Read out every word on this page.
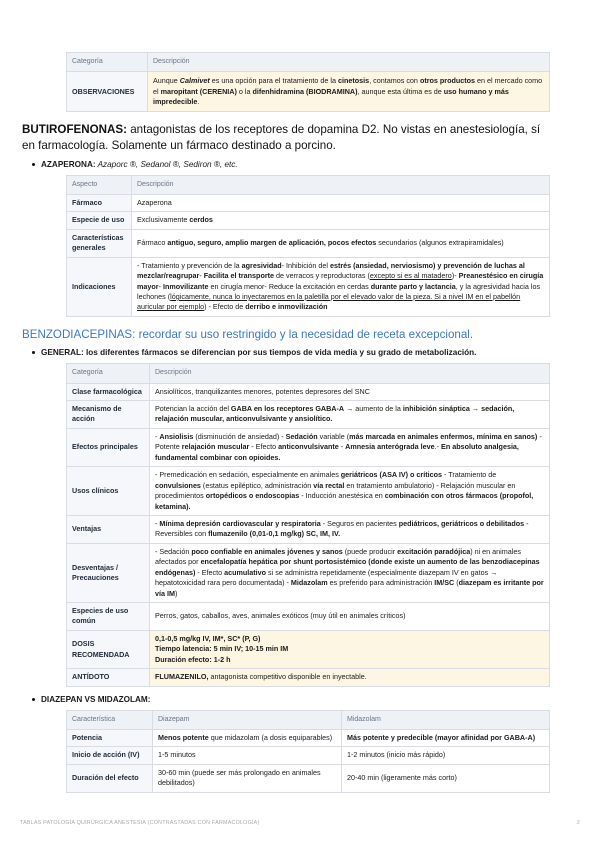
Categoría	Descripción
OBSERVACIONES	Aunque Calmivet es una opción para el tratamiento de la cinetosis, contamos con otros productos en el mercado como el maropitant (CERENIA) o la difenhidramina (BIODRAMINA), aunque esta última es de uso humano y más impredecible.
BUTIROFENONAS: antagonistas de los receptores de dopamina D2. No vistas en anestesiología, sí en farmacología. Solamente un fármaco destinado a porcino.
AZAPERONA: Azaporc ®, Sedanol ®, Sediron ®, etc.
Aspecto	Descripción
Fármaco	Azaperona
Especie de uso	Exclusivamente cerdos
Características generales	Fármaco antiguo, seguro, amplio margen de aplicación, pocos efectos secundarios (algunos extrapiramidales)
Indicaciones	- Tratamiento y prevención de la agresividad- Inhibición del estrés (ansiedad, nerviosismo) y prevención de luchas al mezclar/reagrupar- Facilita el transporte de verracos y reproductoras (excepto si es al matadero)- Preanestésico en cirugía mayor- Inmovilizante en cirugía menor- Reduce la excitación en cerdas durante parto y lactancia, y la agresividad hacia los lechones (lógicamente, nunca lo inyectaremos en la paletilla por el elevado valor de la pieza. Si a nivel IM en el pabellón auricular por ejemplo) - Efecto de derribo e inmovilización
BENZODIACEPINAS: recordar su uso restringido y la necesidad de receta excepcional.
GENERAL: los diferentes fármacos se diferencian por sus tiempos de vida media y su grado de metabolización.
Categoría	Descripción
Clase farmacológica	Ansiolíticos, tranquilizantes menores, potentes depresores del SNC
Mecanismo de acción	Potencian la acción del GABA en los receptores GABA-A → aumento de la inhibición sináptica → sedación, relajación muscular, anticonvulsivante y ansiolítico.
Efectos principales	- Ansiolisis (disminución de ansiedad) - Sedación variable (más marcada en animales enfermos, mínima en sanos) - Potente relajación muscular - Efecto anticonvulsivante - Amnesia anterógrada leve.- En absoluto analgesia, fundamental combinar con opioides.
Usos clínicos	- Premedicación en sedación, especialmente en animales geriátricos (ASA IV) o críticos - Tratamiento de convulsiones (estatus epiléptico, administración vía rectal en tratamiento ambulatorio) - Relajación muscular en procedimientos ortopédicos o endoscopias - Inducción anestésica en combinación con otros fármacos (propofol, ketamina).
Ventajas	- Mínima depresión cardiovascular y respiratoria - Seguros en pacientes pediátricos, geriátricos o debilitados - Reversibles con flumazenilo (0,01-0,1 mg/kg) SC, IM, IV.
Desventajas / Precauciones	- Sedación poco confiable en animales jóvenes y sanos (puede producir excitación paradójica) ni en animales afectados por encefalopatía hepática por shunt portosistémico (donde existe un aumento de las benzodiacepinas endógenas) - Efecto acumulativo si se administra repetidamente (especialmente diazepam IV en gatos → hepatotoxicidad rara pero documentada) - Midazolam es preferido para administración IM/SC (diazepam es irritante por vía IM)
Especies de uso común	Perros, gatos, caballos, aves, animales exóticos (muy útil en animales críticos)
DOSIS RECOMENDADA	0,1-0,5 mg/kg IV, IM*, SC* (P, G)
Tiempo latencia: 5 min IV; 10-15 min IM
Duración efecto: 1-2 h
ANTÍDOTO	FLUMAZENILO, antagonista competitivo disponible en inyectable.
DIAZEPAN VS MIDAZOLAM:
Característica	Diazepam	Midazolam
Potencia	Menos potente que midazolam (a dosis equiparables)	Más potente y predecible (mayor afinidad por GABA-A)
Inicio de acción (IV)	1-5 minutos	1-2 minutos (inicio más rápido)
Duración del efecto	30-60 min (puede ser más prolongado en animales debilitados)	20-40 min (ligeramente más corto)
TABLAS PATOLOGÍA QUIRÚRGICA ANESTESIA (CONTRASTADAS CON FARMACOLOGÍA)	2
